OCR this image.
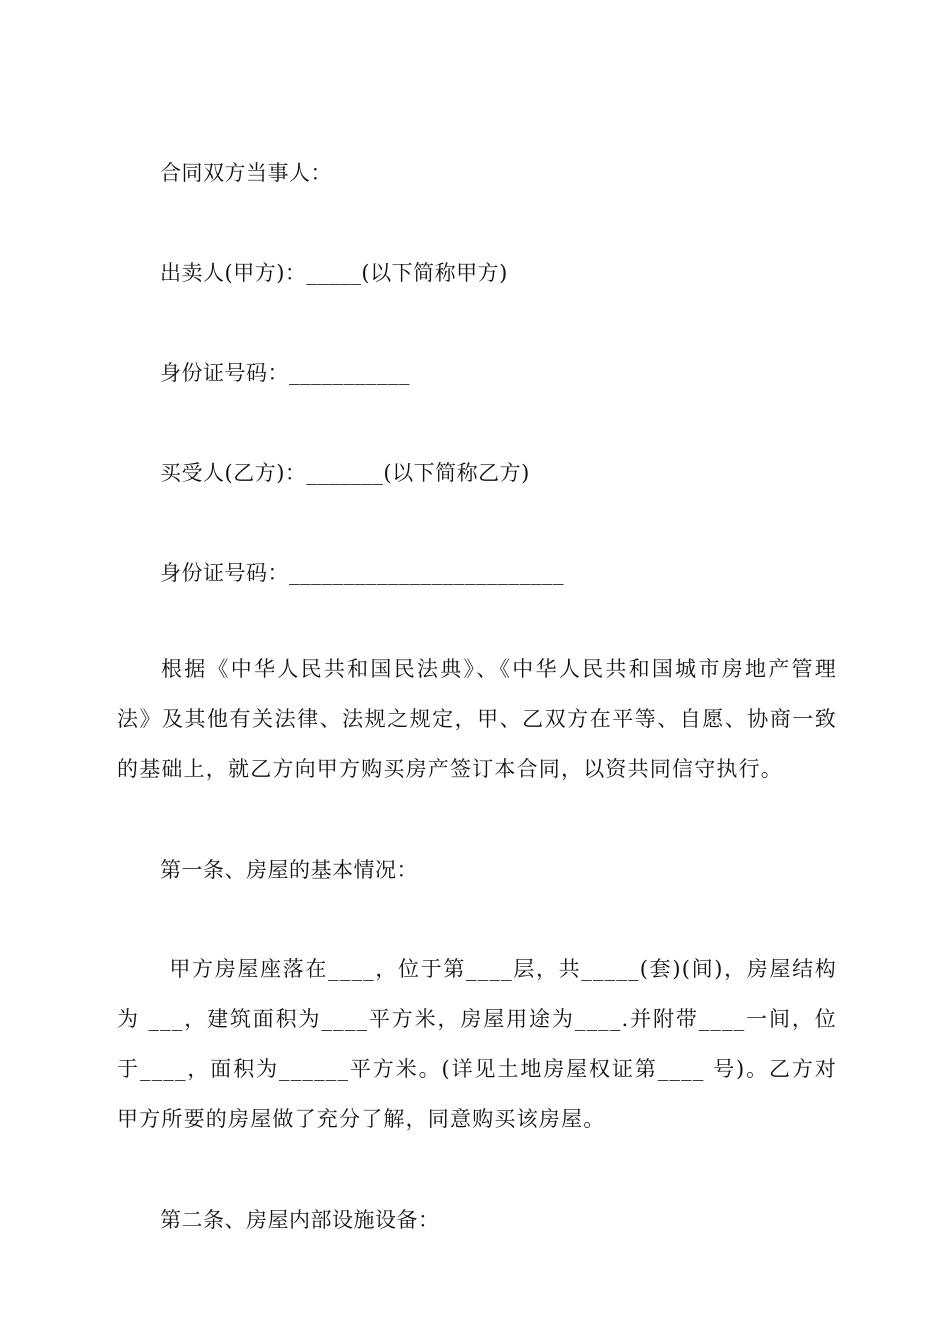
合同双方当事人：
出卖人(甲方)：_____(以下简称甲方)
身份证号码：___________
买受人(乙方)：_______(以下简称乙方)
身份证号码：_________________________
根据《中华人民共和国民法典》、《中华人民共和国城市房地产管理法》及其他有关法律、法规之规定，甲、乙双方在平等、自愿、协商一致的基础上，就乙方向甲方购买房产签订本合同，以资共同信守执行。
第一条、房屋的基本情况：
甲方房屋座落在____，位于第____层，共_____(套)(间)，房屋结构为 ___，建筑面积为____平方米，房屋用途为____.并附带____一间，位于____，面积为______平方米。(详见土地房屋权证第____ 号)。乙方对甲方所要的房屋做了充分了解，同意购买该房屋。
第二条、房屋内部设施设备：
